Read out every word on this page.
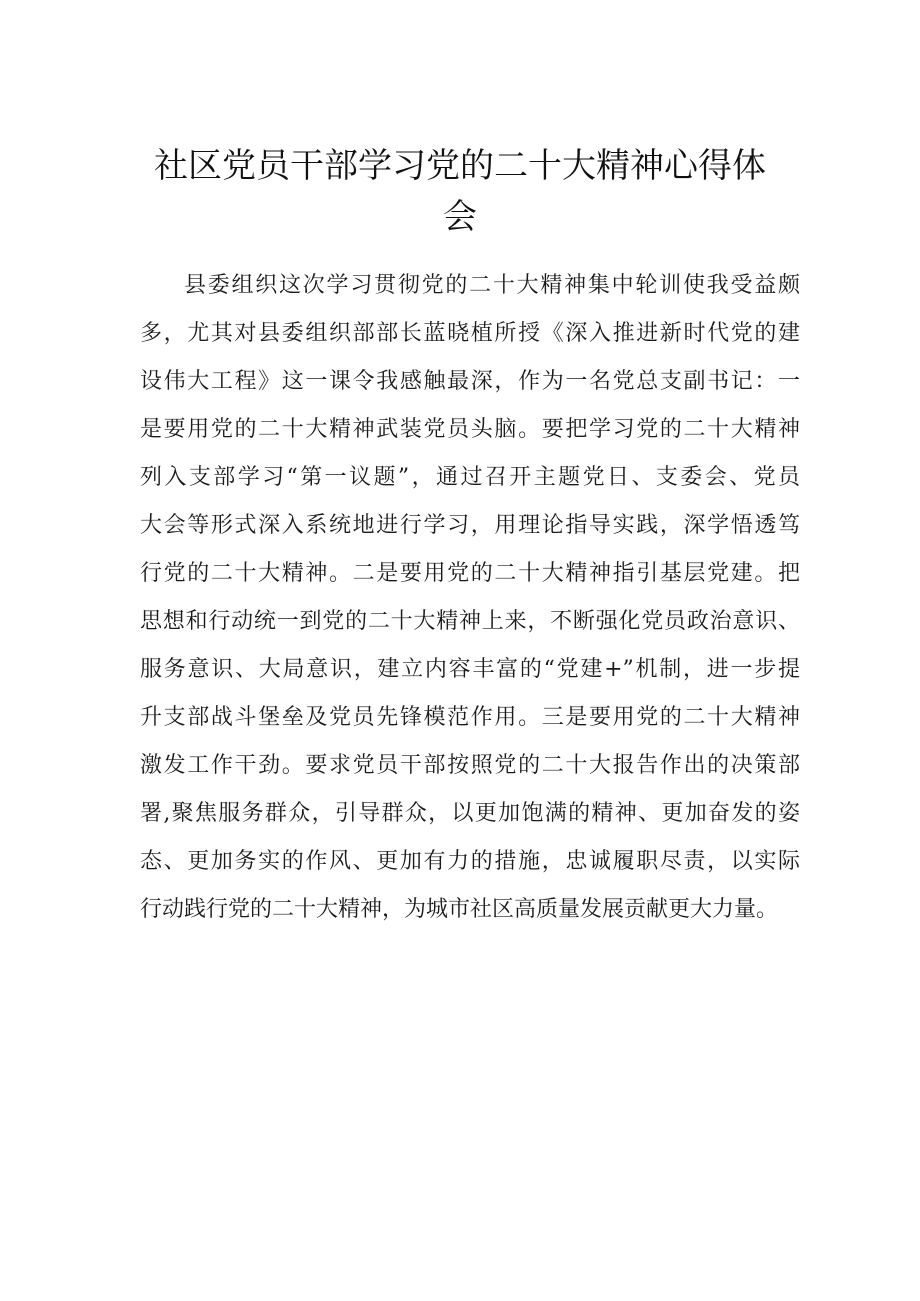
社区党员干部学习党的二十大精神心得体
会
县委组织这次学习贯彻党的二十大精神集中轮训使我受益颇
多，尤其对县委组织部部长蓝晓植所授《深入推进新时代党的建
设伟大工程》这一课令我感触最深，作为一名党总支副书记：一
是要用党的二十大精神武装党员头脑。要把学习党的二十大精神
列入支部学习“第一议题”，通过召开主题党日、支委会、党员
大会等形式深入系统地进行学习，用理论指导实践，深学悟透笃
行党的二十大精神。二是要用党的二十大精神指引基层党建。把
思想和行动统一到党的二十大精神上来，不断强化党员政治意识、
服务意识、大局意识，建立内容丰富的“党建+”机制，进一步提
升支部战斗堡垒及党员先锋模范作用。三是要用党的二十大精神
激发工作干劲。要求党员干部按照党的二十大报告作出的决策部
署,聚焦服务群众，引导群众，以更加饱满的精神、更加奋发的姿
态、更加务实的作风、更加有力的措施，忠诚履职尽责，以实际
行动践行党的二十大精神，为城市社区高质量发展贡献更大力量。
